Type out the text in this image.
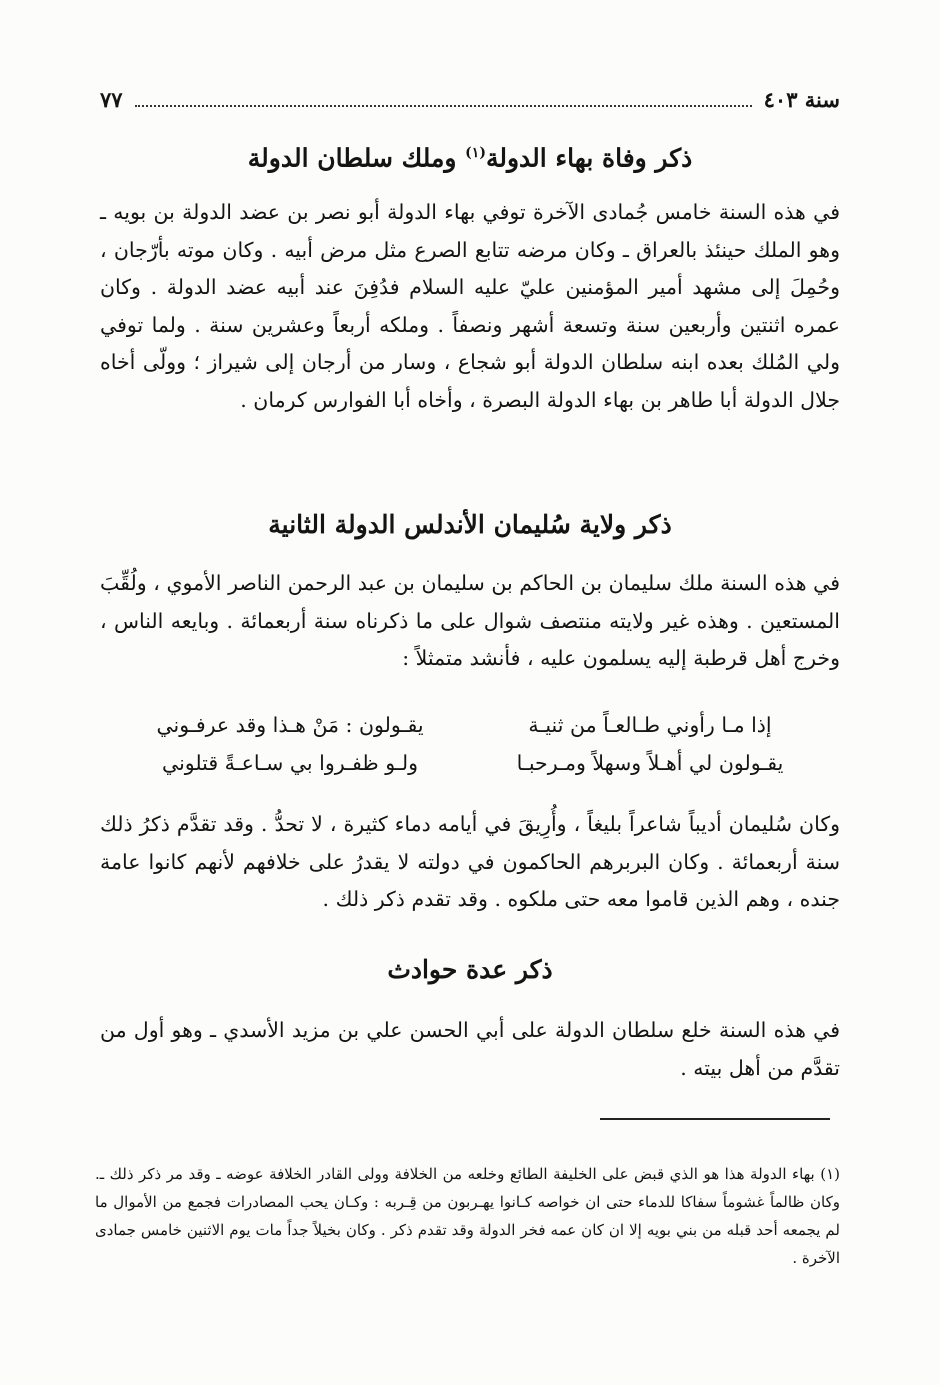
سنة ٤٠٣
٧٧
ذكر وفاة بهاء الدولة$^{(١)}$ وملك سلطان الدولة

في هذه السنة خامس جُمادى الآخرة توفي بهاء الدولة أبو نصر بن عضد الدولة بن بويه ـ وهو الملك حينئذ بالعراق ـ وكان مرضه تتابع الصرع مثل مرض أبيه . وكان موته بأرّجان ، وحُمِلَ إلى مشهد أمير المؤمنين عليّ عليه السلام فدُفِنَ عند أبيه عضد الدولة . وكان عمره اثنتين وأربعين سنة وتسعة أشهر ونصفاً . وملكه أربعاً وعشرين سنة . ولما توفي ولي المُلك بعده ابنه سلطان الدولة أبو شجاع ، وسار من أرجان إلى شيراز ؛ وولّى أخاه جلال الدولة أبا طاهر بن بهاء الدولة البصرة ، وأخاه أبا الفوارس كرمان .

ذكر ولاية سُليمان الأندلس الدولة الثانية

في هذه السنة ملك سليمان بن الحاكم بن سليمان بن عبد الرحمن الناصر الأموي ، ولُقِّبَ المستعين . وهذه غير ولايته منتصف شوال على ما ذكرناه سنة أربعمائة . وبايعه الناس ، وخرج أهل قرطبة إليه يسلمون عليه ، فأنشد متمثلاً :

إذا مـا رأوني طـالعـاً من ثنيـة
يقـولون : مَنْ هـذا وقد عرفـوني
يقـولون لي أهـلاً وسهلاً ومـرحبـا
ولـو ظفـروا بي سـاعـةً قتلوني

وكان سُليمان أديباً شاعراً بليغاً ، وأُرِيقَ في أيامه دماء كثيرة ، لا تحدُّ . وقد تقدَّم ذكرُ ذلك سنة أربعمائة . وكان البربرهم الحاكمون في دولته لا يقدرُ على خلافهم لأنهم كانوا عامة جنده ، وهم الذين قاموا معه حتى ملكوه . وقد تقدم ذكر ذلك .

ذكر عدة حوادث

في هذه السنة خلع سلطان الدولة على أبي الحسن علي بن مزيد الأسدي ـ وهو أول من تقدَّم من أهل بيته .

(١) بهاء الدولة هذا هو الذي قبض على الخليفة الطائع وخلعه من الخلافة وولى القادر الخلافة عوضه ـ وقد مر ذكر ذلك ـ. وكان ظالماً غشوماً سفاكا للدماء حتى ان خواصه كـانوا يهـربون من قِـربه : وكـان يحب المصادرات فجمع من الأموال ما لم يجمعه أحد قبله من بني بويه إلا ان كان عمه فخر الدولة وقد تقدم ذكر . وكان بخيلاً جداً مات يوم الاثنين خامس جمادى الآخرة .
